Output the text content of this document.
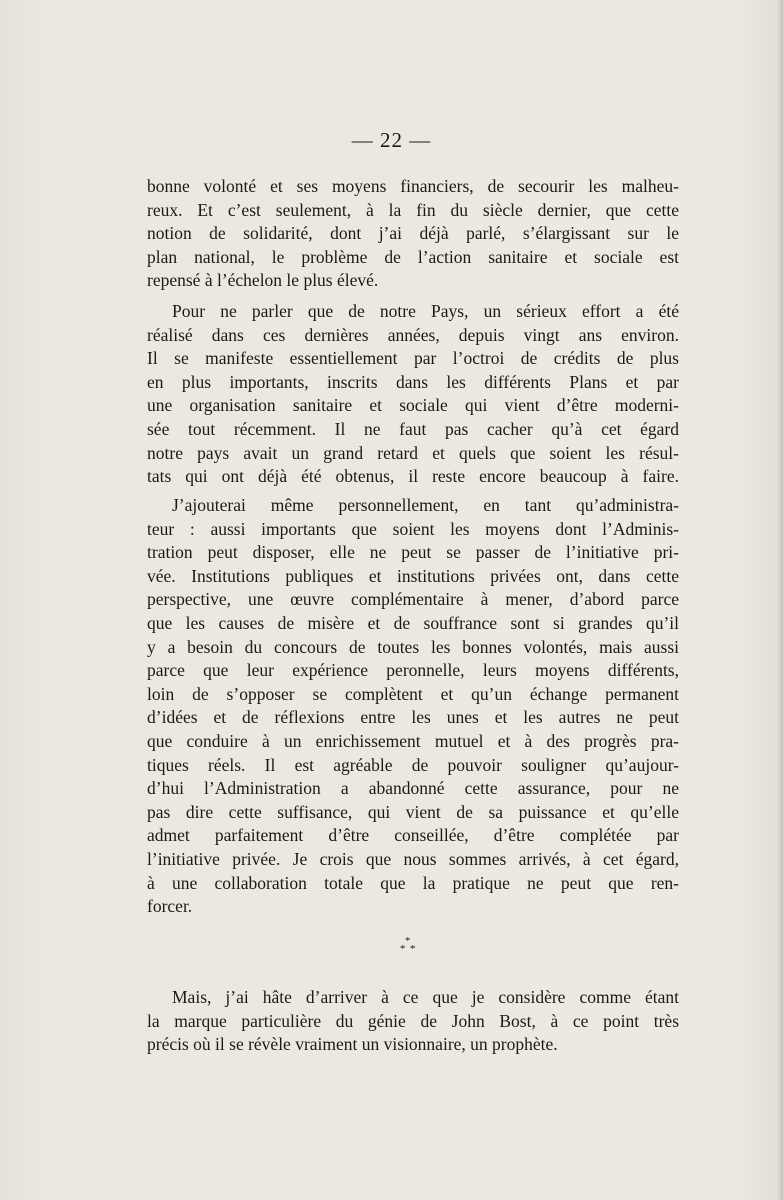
— 22 —
bonne volonté et ses moyens financiers, de secourir les malheu-
reux. Et c’est seulement, à la fin du siècle dernier, que cette
notion de solidarité, dont j’ai déjà parlé, s’élargissant sur le
plan national, le problème de l’action sanitaire et sociale est
repensé à l’échelon le plus élevé.
Pour ne parler que de notre Pays, un sérieux effort a été
réalisé dans ces dernières années, depuis vingt ans environ.
Il se manifeste essentiellement par l’octroi de crédits de plus
en plus importants, inscrits dans les différents Plans et par
une organisation sanitaire et sociale qui vient d’être moderni-
sée tout récemment. Il ne faut pas cacher qu’à cet égard
notre pays avait un grand retard et quels que soient les résul-
tats qui ont déjà été obtenus, il reste encore beaucoup à faire.
J’ajouterai même personnellement, en tant qu’administra-
teur : aussi importants que soient les moyens dont l’Adminis-
tration peut disposer, elle ne peut se passer de l’initiative pri-
vée. Institutions publiques et institutions privées ont, dans cette
perspective, une œuvre complémentaire à mener, d’abord parce
que les causes de misère et de souffrance sont si grandes qu’il
y a besoin du concours de toutes les bonnes volontés, mais aussi
parce que leur expérience peronnelle, leurs moyens différents,
loin de s’opposer se complètent et qu’un échange permanent
d’idées et de réflexions entre les unes et les autres ne peut
que conduire à un enrichissement mutuel et à des progrès pra-
tiques réels. Il est agréable de pouvoir souligner qu’aujour-
d’hui l’Administration a abandonné cette assurance, pour ne
pas dire cette suffisance, qui vient de sa puissance et qu’elle
admet parfaitement d’être conseillée, d’être complétée par
l’initiative privée. Je crois que nous sommes arrivés, à cet égard,
à une collaboration totale que la pratique ne peut que ren-
forcer.
*
* *
Mais, j’ai hâte d’arriver à ce que je considère comme étant
la marque particulière du génie de John Bost, à ce point très
précis où il se révèle vraiment un visionnaire, un prophète.
